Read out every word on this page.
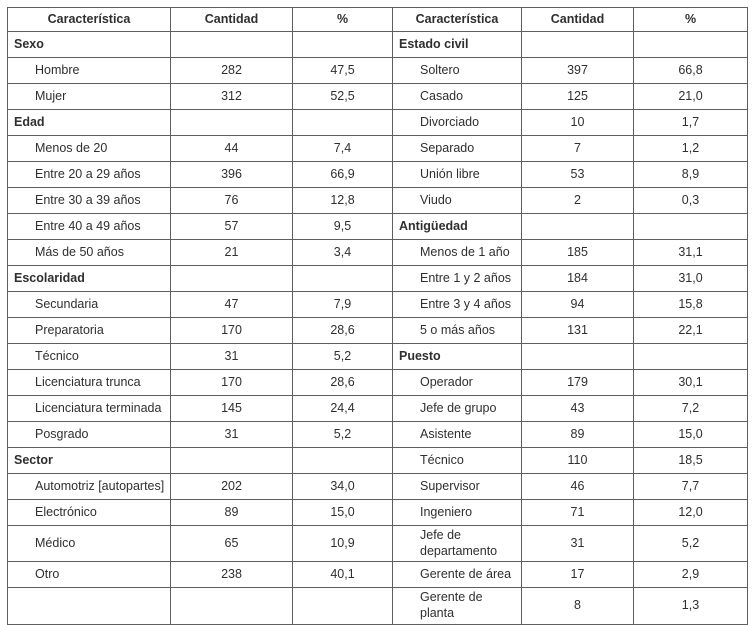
Característica	Cantidad	%	Característica	Cantidad	%
Sexo			Estado civil		
Hombre	282	47,5	Soltero	397	66,8
Mujer	312	52,5	Casado	125	21,0
Edad			Divorciado	10	1,7
Menos de 20	44	7,4	Separado	7	1,2
Entre 20 a 29 años	396	66,9	Unión libre	53	8,9
Entre 30 a 39 años	76	12,8	Viudo	2	0,3
Entre 40 a 49 años	57	9,5	Antigüedad		
Más de 50 años	21	3,4	Menos de 1 año	185	31,1
Escolaridad			Entre 1 y 2 años	184	31,0
Secundaria	47	7,9	Entre 3 y 4 años	94	15,8
Preparatoria	170	28,6	5 o más años	131	22,1
Técnico	31	5,2	Puesto		
Licenciatura trunca	170	28,6	Operador	179	30,1
Licenciatura terminada	145	24,4	Jefe de grupo	43	7,2
Posgrado	31	5,2	Asistente	89	15,0
Sector			Técnico	110	18,5
Automotriz [autopartes]	202	34,0	Supervisor	46	7,7
Electrónico	89	15,0	Ingeniero	71	12,0
Médico	65	10,9	Jefe de departamento	31	5,2
Otro	238	40,1	Gerente de área	17	2,9
			Gerente de planta	8	1,3
